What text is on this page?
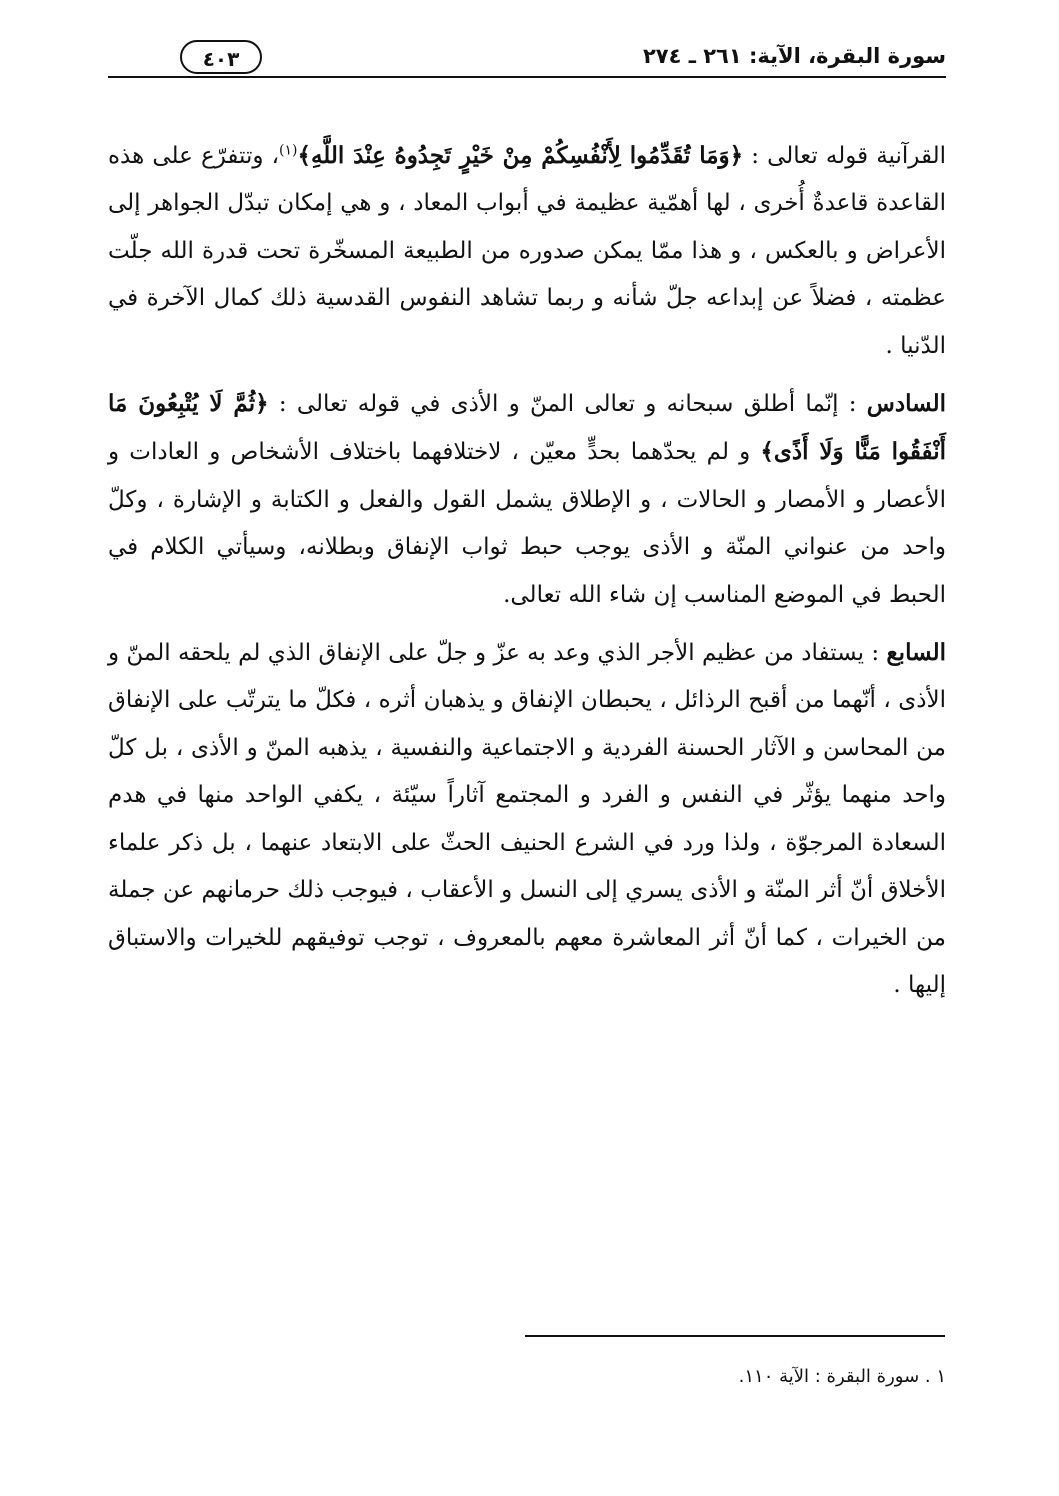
سورة البقرة، الآية: ٢٦١ ـ ٢٧٤
٤٠٣

القرآنية قوله تعالى : ﴿وَمَا تُقَدِّمُوا لِأَنْفُسِكُمْ مِنْ خَيْرٍ تَجِدُوهُ عِنْدَ اللَّهِ﴾$^{(١)}$، وتتفرّع على هذه القاعدة قاعدةٌ أُخرى ، لها أهمّية عظيمة في أبواب المعاد ، و هي إمكان تبدّل الجواهر إلى الأعراض و بالعكس ، و هذا ممّا يمكن صدوره من الطبيعة المسخّرة تحت قدرة الله جلّت عظمته ، فضلاً عن إبداعه جلّ شأنه و ربما تشاهد النفوس القدسية ذلك كمال الآخرة في الدّنيا .

السادس : إنّما أطلق سبحانه و تعالى المنّ و الأذى في قوله تعالى : ﴿ثُمَّ لَا يُتْبِعُونَ مَا أَنْفَقُوا مَنًّا وَلَا أَذًى﴾ و لم يحدّهما بحدٍّ معيّن ، لاختلافهما باختلاف الأشخاص و العادات و الأعصار و الأمصار و الحالات ، و الإطلاق يشمل القول والفعل و الكتابة و الإشارة ، وكلّ واحد من عنواني المنّة و الأذى يوجب حبط ثواب الإنفاق وبطلانه، وسيأتي الكلام في الحبط في الموضع المناسب إن شاء الله تعالى.

السابع : يستفاد من عظيم الأجر الذي وعد به عزّ و جلّ على الإنفاق الذي لم يلحقه المنّ و الأذى ، أنّهما من أقبح الرذائل ، يحبطان الإنفاق و يذهبان أثره ، فكلّ ما يترتّب على الإنفاق من المحاسن و الآثار الحسنة الفردية و الاجتماعية والنفسية ، يذهبه المنّ و الأذى ، بل كلّ واحد منهما يؤثّر في النفس و الفرد و المجتمع آثاراً سيّئة ، يكفي الواحد منها في هدم السعادة المرجوّة ، ولذا ورد في الشرع الحنيف الحثّ على الابتعاد عنهما ، بل ذكر علماء الأخلاق أنّ أثر المنّة و الأذى يسري إلى النسل و الأعقاب ، فيوجب ذلك حرمانهم عن جملة من الخيرات ، كما أنّ أثر المعاشرة معهم بالمعروف ، توجب توفيقهم للخيرات والاستباق إليها .

١ . سورة البقرة : الآية ١١٠.
